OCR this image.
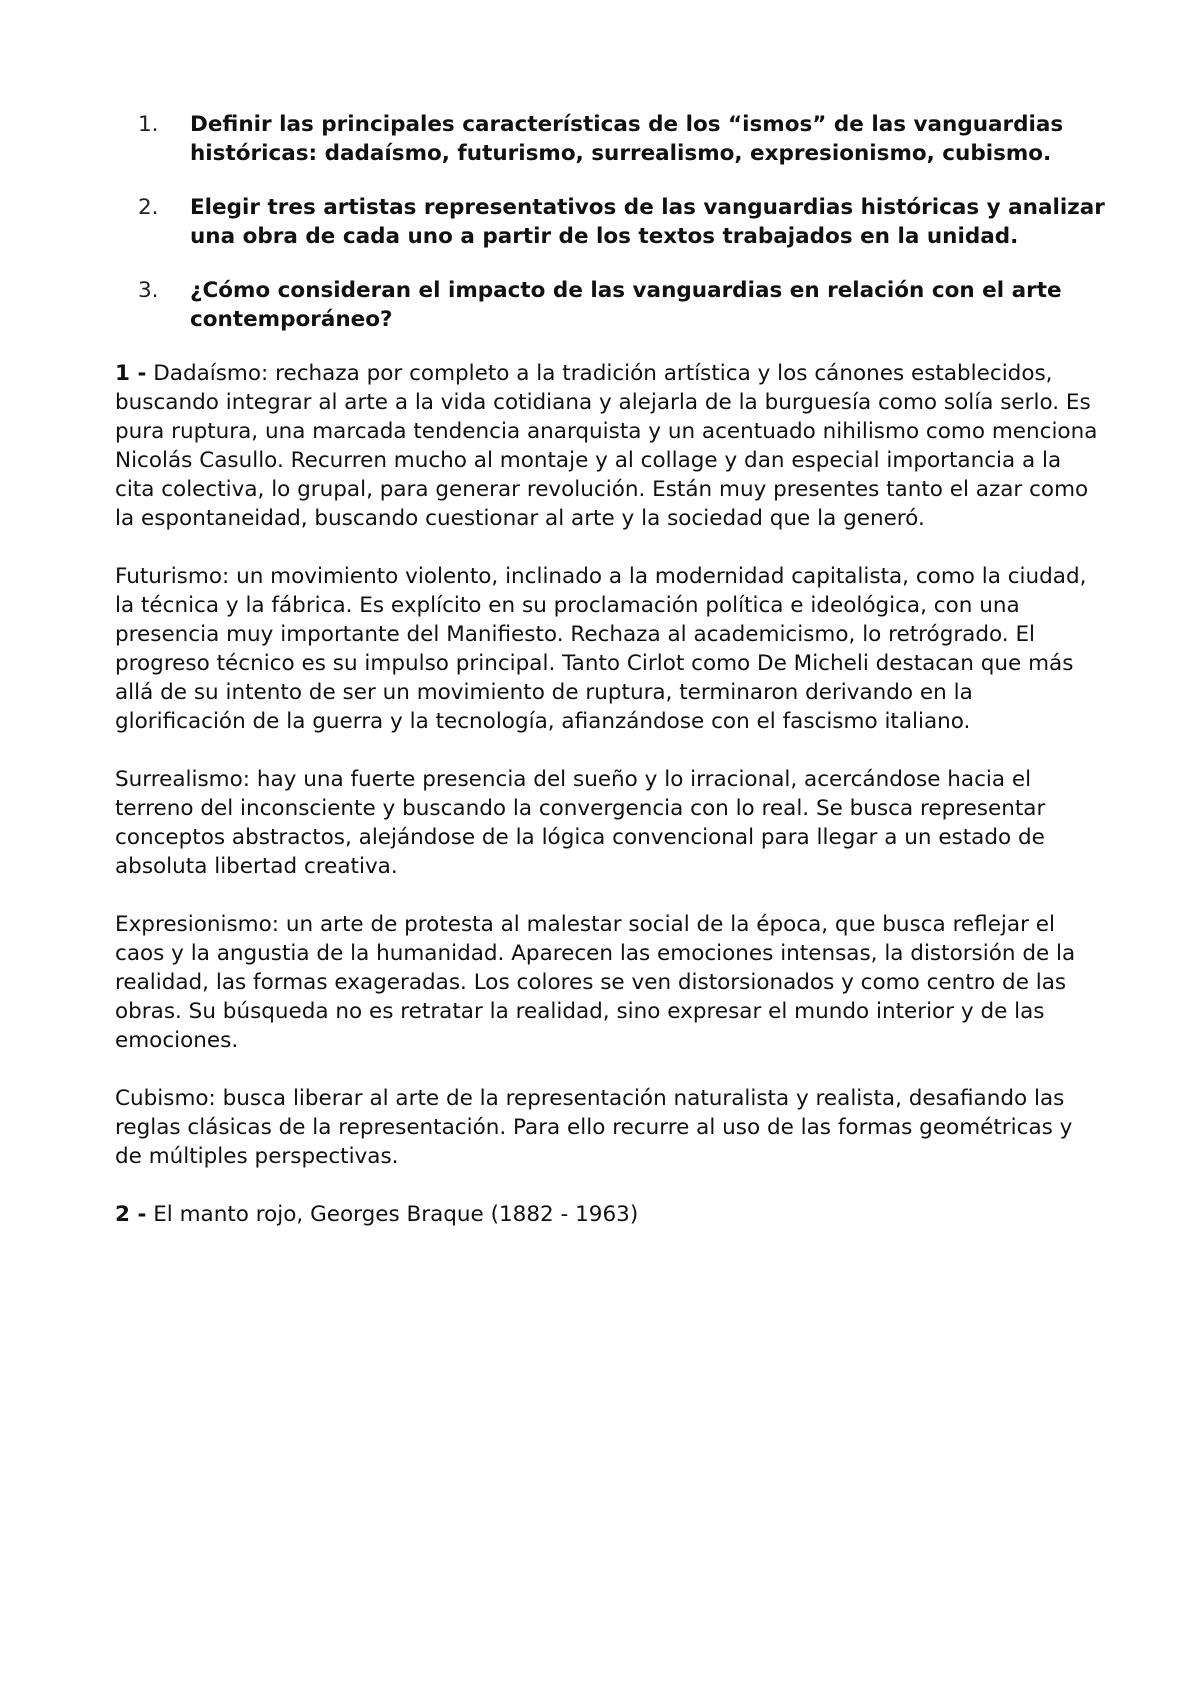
1. Definir las principales características de los “ismos” de las vanguardias históricas: dadaísmo, futurismo, surrealismo, expresionismo, cubismo.
2. Elegir tres artistas representativos de las vanguardias históricas y analizar una obra de cada uno a partir de los textos trabajados en la unidad.
3. ¿Cómo consideran el impacto de las vanguardias en relación con el arte contemporáneo?

1 - Dadaísmo: rechaza por completo a la tradición artística y los cánones establecidos, buscando integrar al arte a la vida cotidiana y alejarla de la burguesía como solía serlo. Es pura ruptura, una marcada tendencia anarquista y un acentuado nihilismo como menciona Nicolás Casullo. Recurren mucho al montaje y al collage y dan especial importancia a la cita colectiva, lo grupal, para generar revolución. Están muy presentes tanto el azar como la espontaneidad, buscando cuestionar al arte y la sociedad que la generó.

Futurismo: un movimiento violento, inclinado a la modernidad capitalista, como la ciudad, la técnica y la fábrica. Es explícito en su proclamación política e ideológica, con una presencia muy importante del Manifiesto. Rechaza al academicismo, lo retrógrado. El progreso técnico es su impulso principal. Tanto Cirlot como De Micheli destacan que más allá de su intento de ser un movimiento de ruptura, terminaron derivando en la glorificación de la guerra y la tecnología, afianzándose con el fascismo italiano.

Surrealismo: hay una fuerte presencia del sueño y lo irracional, acercándose hacia el terreno del inconsciente y buscando la convergencia con lo real. Se busca representar conceptos abstractos, alejándose de la lógica convencional para llegar a un estado de absoluta libertad creativa.

Expresionismo: un arte de protesta al malestar social de la época, que busca reflejar el caos y la angustia de la humanidad. Aparecen las emociones intensas, la distorsión de la realidad, las formas exageradas. Los colores se ven distorsionados y como centro de las obras. Su búsqueda no es retratar la realidad, sino expresar el mundo interior y de las emociones.

Cubismo: busca liberar al arte de la representación naturalista y realista, desafiando las reglas clásicas de la representación. Para ello recurre al uso de las formas geométricas y de múltiples perspectivas.

2 - El manto rojo, Georges Braque (1882 - 1963)
